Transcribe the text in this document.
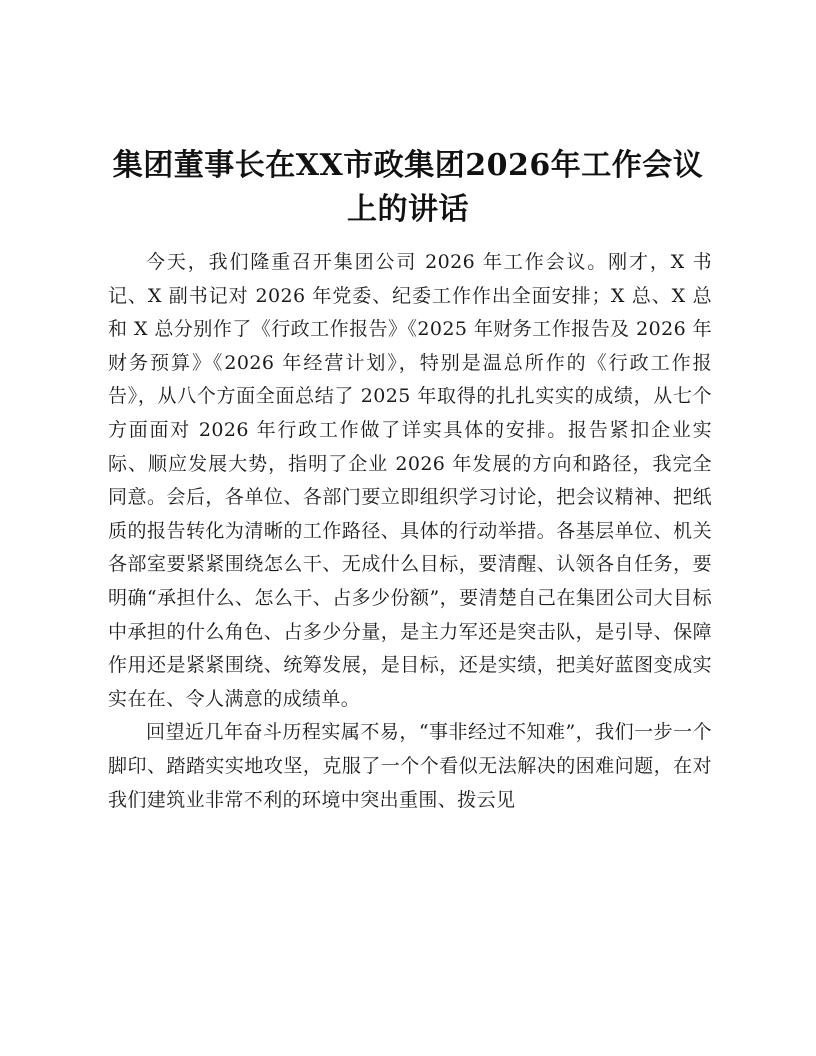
集团董事长在XX市政集团2026年工作会议上的讲话

今天，我们隆重召开集团公司 2026 年工作会议。刚才，X 书记、X 副书记对 2026 年党委、纪委工作作出全面安排；X 总、X 总和 X 总分别作了《行政工作报告》《2025 年财务工作报告及 2026 年财务预算》《2026 年经营计划》，特别是温总所作的《行政工作报告》，从八个方面全面总结了 2025 年取得的扎扎实实的成绩，从七个方面面对 2026 年行政工作做了详实具体的安排。报告紧扣企业实际、顺应发展大势，指明了企业 2026 年发展的方向和路径，我完全同意。会后，各单位、各部门要立即组织学习讨论，把会议精神、把纸质的报告转化为清晰的工作路径、具体的行动举措。各基层单位、机关各部室要紧紧围绕怎么干、无成什么目标，要清醒、认领各自任务，要明确“承担什么、怎么干、占多少份额”，要清楚自己在集团公司大目标中承担的什么角色、占多少分量，是主力军还是突击队，是引导、保障作用还是紧紧围绕、统筹发展，是目标，还是实绩，把美好蓝图变成实实在在、令人满意的成绩单。

回望近几年奋斗历程实属不易，“事非经过不知难”，我们一步一个脚印、踏踏实实地攻坚，克服了一个个看似无法解决的困难问题，在对我们建筑业非常不利的环境中突出重围、拨云见
